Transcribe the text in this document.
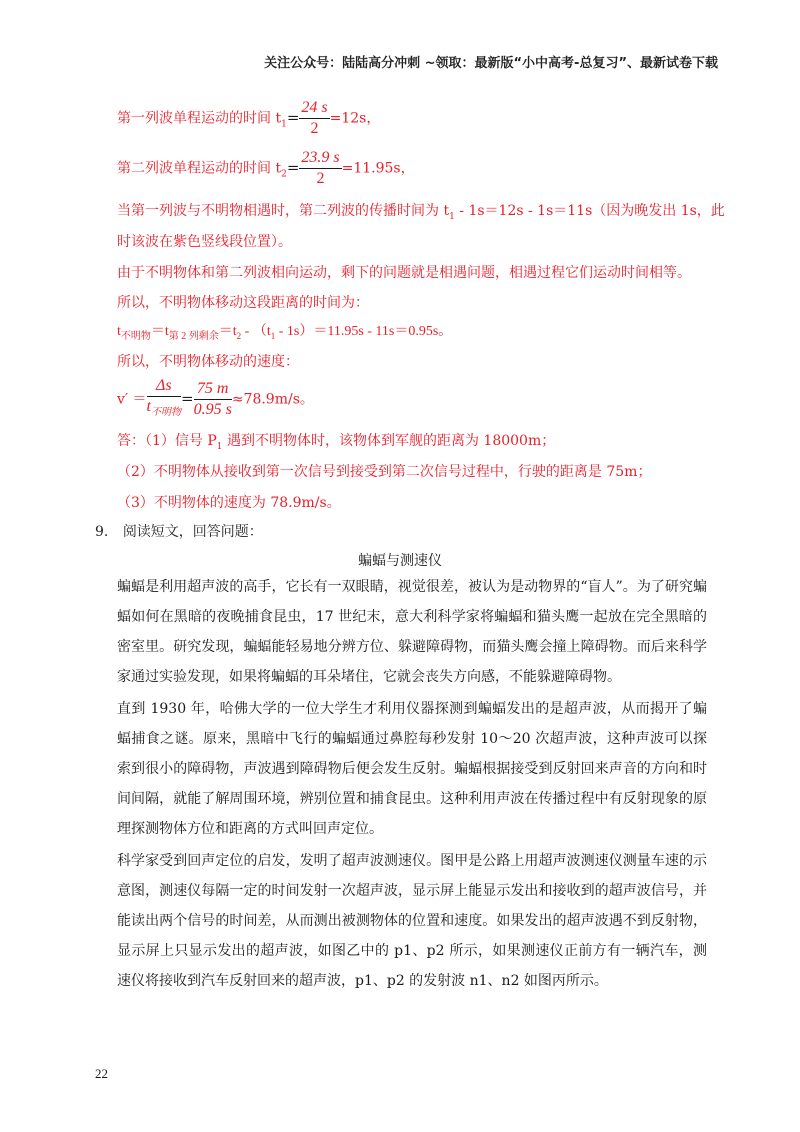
关注公众号：陆陆高分冲刺 ~领取：最新版“小中高考-总复习”、最新试卷下载
第一列波单程运动的时间 $t_1= \frac{24 s}{2} =12s$，
第二列波单程运动的时间 $t_2= \frac{23.9 s}{2} =11.95s$，
当第一列波与不明物相遇时，第二列波的传播时间为 $t_1 - 1s=12s - 1s=11s$（因为晚发出 1s，此
时该波在紫色竖线段位置）。
由于不明物体和第二列波相向运动，剩下的问题就是相遇问题，相遇过程它们运动时间相等。
所以，不明物体移动这段距离的时间为：
$t_{不明物}=t_{第 2 列剩余}=t_2 - (t_1 - 1s)=11.95s - 11s=0.95s$。
所以，不明物体移动的速度：
$v' = \frac{\Delta s}{t_{不明物}} = \frac{75 m}{0.95 s} \approx 78.9m/s$。
答：（1）信号 $P_1$ 遇到不明物体时，该物体到军舰的距离为 18000m；
（2）不明物体从接收到第一次信号到接受到第二次信号过程中，行驶的距离是 75m；
（3）不明物体的速度为 78.9m/s。
9. 阅读短文，回答问题：
蝙蝠与测速仪
蝙蝠是利用超声波的高手，它长有一双眼睛，视觉很差，被认为是动物界的“盲人”。为了研究蝙蝠如何在黑暗的夜晚捕食昆虫，17 世纪末，意大利科学家将蝙蝠和猫头鹰一起放在完全黑暗的密室里。研究发现，蝙蝠能轻易地分辨方位、躲避障碍物，而猫头鹰会撞上障碍物。而后来科学家通过实验发现，如果将蝙蝠的耳朵堵住，它就会丧失方向感，不能躲避障碍物。
直到 1930 年，哈佛大学的一位大学生才利用仪器探测到蝙蝠发出的是超声波，从而揭开了蝙蝠捕食之谜。原来，黑暗中飞行的蝙蝠通过鼻腔每秒发射 10～20 次超声波，这种声波可以探索到很小的障碍物，声波遇到障碍物后便会发生反射。蝙蝠根据接受到反射回来声音的方向和时间间隔，就能了解周围环境，辨别位置和捕食昆虫。这种利用声波在传播过程中有反射现象的原理探测物体方位和距离的方式叫回声定位。
科学家受到回声定位的启发，发明了超声波测速仪。图甲是公路上用超声波测速仪测量车速的示意图，测速仪每隔一定的时间发射一次超声波，显示屏上能显示发出和接收到的超声波信号，并能读出两个信号的时间差，从而测出被测物体的位置和速度。如果发出的超声波遇不到反射物，显示屏上只显示发出的超声波，如图乙中的 p1、p2 所示，如果测速仪正前方有一辆汽车，测速仪将接收到汽车反射回来的超声波，p1、p2 的发射波 n1、n2 如图丙所示。
22
